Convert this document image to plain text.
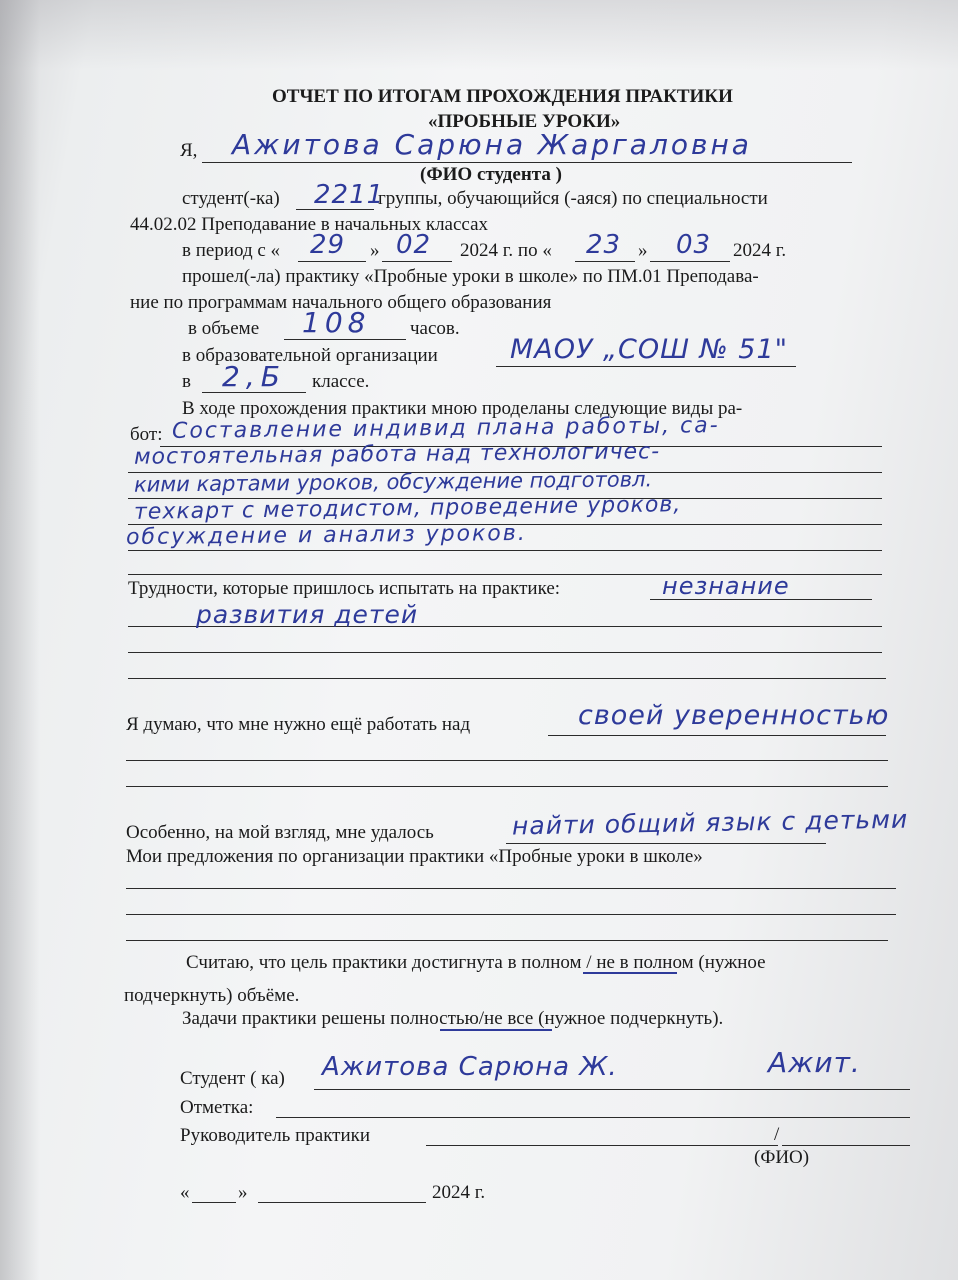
ОТЧЕТ ПО ИТОГАМ ПРОХОЖДЕНИЯ ПРАКТИКИ
«ПРОБНЫЕ УРОКИ»
Я, Ажитова Сарюна Жаргаловна
(ФИО студента )
студент(-ка) 2211
группы, обучающийся (-аяся) по специальности
44.02.02 Преподавание в начальных классах
в период с « 29 » 02 2024 г. по « 23 » 03 2024 г.
прошел(-ла) практику «Пробные уроки в школе» по ПМ.01 Преподава-
ние по программам начального общего образования
в объеме 108 часов.
в образовательной организации	МАОУ „СОШ № 51"
в 2,Б классе.
В ходе прохождения практики мною проделаны следующие виды ра-
бот: Составление индивид плана работы, са-
мостоятельная работа над технологичес-
кими картами уроков, обсуждение подготовл.
техкарт с методистом, проведение уроков,
обсуждение и анализ уроков.
Трудности, которые пришлось испытать на практике:	незнание
развития детей
Я думаю, что мне нужно ещё работать над	своей уверенностью
Особенно, на мой взгляд, мне удалось	найти общий язык с детьми
Мои предложения по организации практики «Пробные уроки в школе»
Считаю, что цель практики достигнута в полном / не в полном (нужное
подчеркнуть) объёме.
Задачи практики решены полностью/не все (нужное подчеркнуть).
Студент ( ка) Ажитова Сарюна Ж.	Ажит.
Отметка:
Руководитель практики	/
(ФИО)
«	»	2024 г.
